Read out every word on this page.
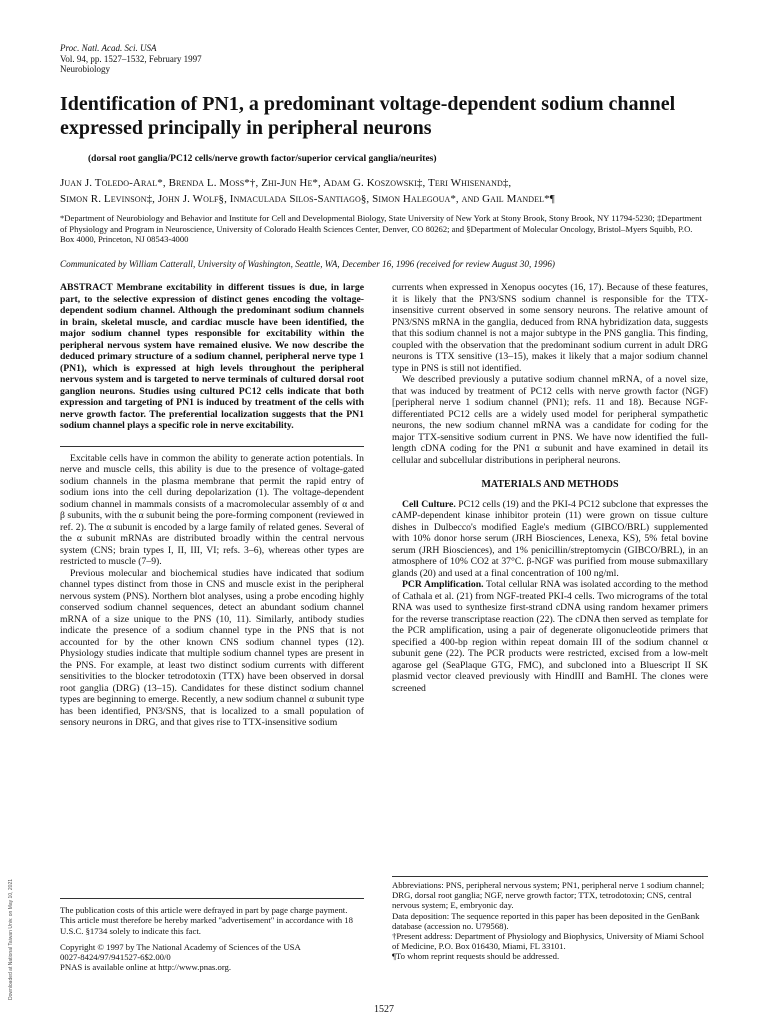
Downloaded at National Taiwan Univ. on May 10, 2021
Proc. Natl. Acad. Sci. USA
Vol. 94, pp. 1527–1532, February 1997
Neurobiology
Identification of PN1, a predominant voltage-dependent sodium channel expressed principally in peripheral neurons
(dorsal root ganglia/PC12 cells/nerve growth factor/superior cervical ganglia/neurites)
Juan J. Toledo-Aral*, Brenda L. Moss*†, Zhi-Jun He*, Adam G. Koszowski‡, Teri Whisenand‡,
Simon R. Levinson‡, John J. Wolf§, Inmaculada Silos-Santiago§, Simon Halegoua*, and Gail Mandel*¶
*Department of Neurobiology and Behavior and Institute for Cell and Developmental Biology, State University of New York at Stony Brook, Stony Brook, NY 11794-5230; ‡Department of Physiology and Program in Neuroscience, University of Colorado Health Sciences Center, Denver, CO 80262; and §Department of Molecular Oncology, Bristol–Myers Squibb, P.O. Box 4000, Princeton, NJ 08543-4000
Communicated by William Catterall, University of Washington, Seattle, WA, December 16, 1996 (received for review August 30, 1996)

ABSTRACT Membrane excitability in different tissues is due, in large part, to the selective expression of distinct genes encoding the voltage-dependent sodium channel. Although the predominant sodium channels in brain, skeletal muscle, and cardiac muscle have been identified, the major sodium channel types responsible for excitability within the peripheral nervous system have remained elusive. We now describe the deduced primary structure of a sodium channel, peripheral nerve type 1 (PN1), which is expressed at high levels throughout the peripheral nervous system and is targeted to nerve terminals of cultured dorsal root ganglion neurons. Studies using cultured PC12 cells indicate that both expression and targeting of PN1 is induced by treatment of the cells with nerve growth factor. The preferential localization suggests that the PN1 sodium channel plays a specific role in nerve excitability.

Excitable cells have in common the ability to generate action potentials. In nerve and muscle cells, this ability is due to the presence of voltage-gated sodium channels in the plasma membrane that permit the rapid entry of sodium ions into the cell during depolarization (1). The voltage-dependent sodium channel in mammals consists of a macromolecular assembly of α and β subunits, with the α subunit being the pore-forming component (reviewed in ref. 2). The α subunit is encoded by a large family of related genes. Several of the α subunit mRNAs are distributed broadly within the central nervous system (CNS; brain types I, II, III, VI; refs. 3–6), whereas other types are restricted to muscle (7–9).

Previous molecular and biochemical studies have indicated that sodium channel types distinct from those in CNS and muscle exist in the peripheral nervous system (PNS). Northern blot analyses, using a probe encoding highly conserved sodium channel sequences, detect an abundant sodium channel mRNA of a size unique to the PNS (10, 11). Similarly, antibody studies indicate the presence of a sodium channel type in the PNS that is not accounted for by the other known CNS sodium channel types (12). Physiology studies indicate that multiple sodium channel types are present in the PNS. For example, at least two distinct sodium currents with different sensitivities to the blocker tetrodotoxin (TTX) have been observed in dorsal root ganglia (DRG) (13–15). Candidates for these distinct sodium channel types are beginning to emerge. Recently, a new sodium channel α subunit type has been identified, PN3/SNS, that is localized to a small population of sensory neurons in DRG, and that gives rise to TTX-insensitive sodium

currents when expressed in Xenopus oocytes (16, 17). Because of these features, it is likely that the PN3/SNS sodium channel is responsible for the TTX-insensitive current observed in some sensory neurons. The relative amount of PN3/SNS mRNA in the ganglia, deduced from RNA hybridization data, suggests that this sodium channel is not a major subtype in the PNS ganglia. This finding, coupled with the observation that the predominant sodium current in adult DRG neurons is TTX sensitive (13–15), makes it likely that a major sodium channel type in PNS is still not identified.

We described previously a putative sodium channel mRNA, of a novel size, that was induced by treatment of PC12 cells with nerve growth factor (NGF) [peripheral nerve 1 sodium channel (PN1); refs. 11 and 18). Because NGF-differentiated PC12 cells are a widely used model for peripheral sympathetic neurons, the new sodium channel mRNA was a candidate for coding for the major TTX-sensitive sodium current in PNS. We have now identified the full-length cDNA coding for the PN1 α subunit and have examined in detail its cellular and subcellular distributions in peripheral neurons.

MATERIALS AND METHODS

Cell Culture. PC12 cells (19) and the PKI-4 PC12 subclone that expresses the cAMP-dependent kinase inhibitor protein (11) were grown on tissue culture dishes in Dulbecco's modified Eagle's medium (GIBCO/BRL) supplemented with 10% donor horse serum (JRH Biosciences, Lenexa, KS), 5% fetal bovine serum (JRH Biosciences), and 1% penicillin/streptomycin (GIBCO/BRL), in an atmosphere of 10% CO2 at 37°C. β-NGF was purified from mouse submaxillary glands (20) and used at a final concentration of 100 ng/ml.

PCR Amplification. Total cellular RNA was isolated according to the method of Cathala et al. (21) from NGF-treated PKI-4 cells. Two micrograms of the total RNA was used to synthesize first-strand cDNA using random hexamer primers for the reverse transcriptase reaction (22). The cDNA then served as template for the PCR amplification, using a pair of degenerate oligonucleotide primers that specified a 400-bp region within repeat domain III of the sodium channel α subunit gene (22). The PCR products were restricted, excised from a low-melt agarose gel (SeaPlaque GTG, FMC), and subcloned into a Bluescript II SK plasmid vector cleaved previously with HindIII and BamHI. The clones were screened

The publication costs of this article were defrayed in part by page charge payment. This article must therefore be hereby marked "advertisement" in accordance with 18 U.S.C. §1734 solely to indicate this fact.

Copyright © 1997 by The National Academy of Sciences of the USA

0027-8424/97/941527-6$2.00/0

PNAS is available online at http://www.pnas.org.

Abbreviations: PNS, peripheral nervous system; PN1, peripheral nerve 1 sodium channel; DRG, dorsal root ganglia; NGF, nerve growth factor; TTX, tetrodotoxin; CNS, central nervous system; E, embryonic day.

Data deposition: The sequence reported in this paper has been deposited in the GenBank database (accession no. U79568).

†Present address: Department of Physiology and Biophysics, University of Miami School of Medicine, P.O. Box 016430, Miami, FL 33101.

¶To whom reprint requests should be addressed.

1527
